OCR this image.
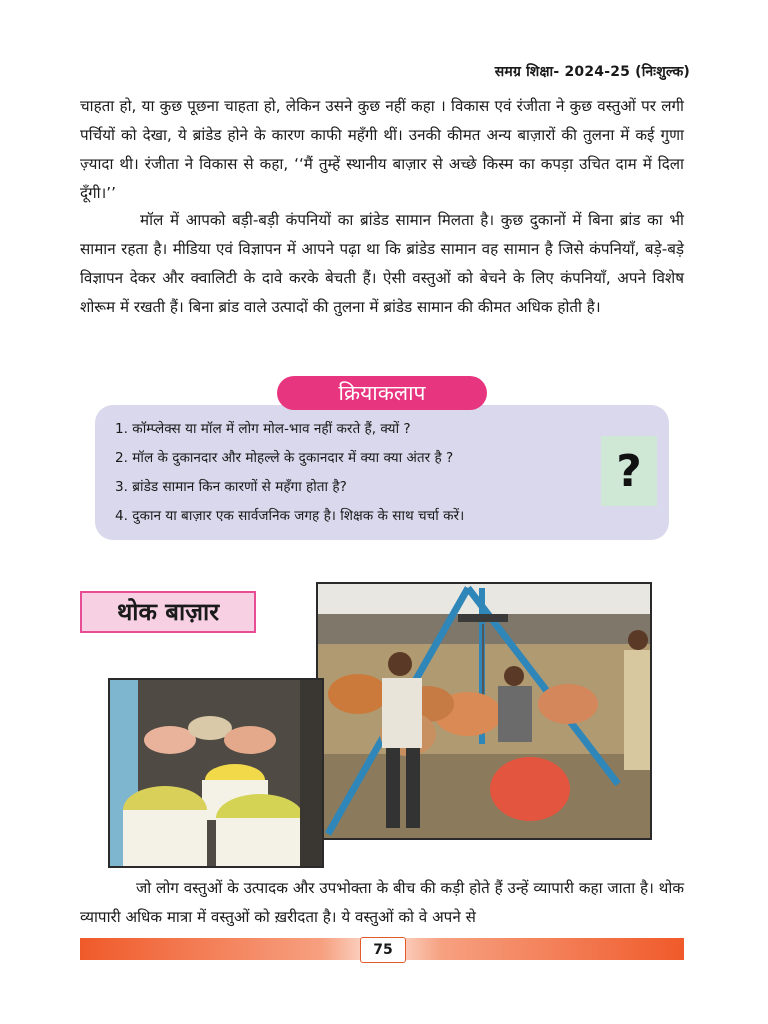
समग्र शिक्षा- 2024-25 (निःशुल्क)

चाहता हो, या कुछ पूछना चाहता हो, लेकिन उसने कुछ नहीं कहा । विकास एवं रंजीता ने कुछ वस्तुओं पर लगी पर्चियों को देखा, ये ब्रांडेड होने के कारण काफी महँगी थीं। उनकी कीमत अन्य बाज़ारों की तुलना में कई गुणा ज़्यादा थी। रंजीता ने विकास से कहा, ‘‘मैं तुम्हें स्थानीय बाज़ार से अच्छे किस्म का कपड़ा उचित दाम में दिला दूँगी।’’

मॉल में आपको बड़ी-बड़ी कंपनियों का ब्रांडेड सामान मिलता है। कुछ दुकानों में बिना ब्रांड का भी सामान रहता है। मीडिया एवं विज्ञापन में आपने पढ़ा था कि ब्रांडेड सामान वह सामान है जिसे कंपनियाँ, बड़े-बड़े विज्ञापन देकर और क्वालिटी के दावे करके बेचती हैं। ऐसी वस्तुओं को बेचने के लिए कंपनियाँ, अपने विशेष शोरूम में रखती हैं। बिना ब्रांड वाले उत्पादों की तुलना में ब्रांडेड सामान की कीमत अधिक होती है।

1. कॉम्प्लेक्स या मॉल में लोग मोल-भाव नहीं करते हैं, क्यों ?
2. मॉल के दुकानदार और मोहल्ले के दुकानदार में क्या क्या अंतर है ?
3. ब्रांडेड सामान किन कारणों से महँगा होता है?
4. दुकान या बाज़ार एक सार्वजनिक जगह है। शिक्षक के साथ चर्चा करें।
?
क्रियाकलाप
थोक बाज़ार

जो लोग वस्तुओं के उत्पादक और उपभोक्ता के बीच की कड़ी होते हैं उन्हें व्यापारी कहा जाता है। थोक व्यापारी अधिक मात्रा में वस्तुओं को ख़रीदता है। ये वस्तुओं को वे अपने से

75
